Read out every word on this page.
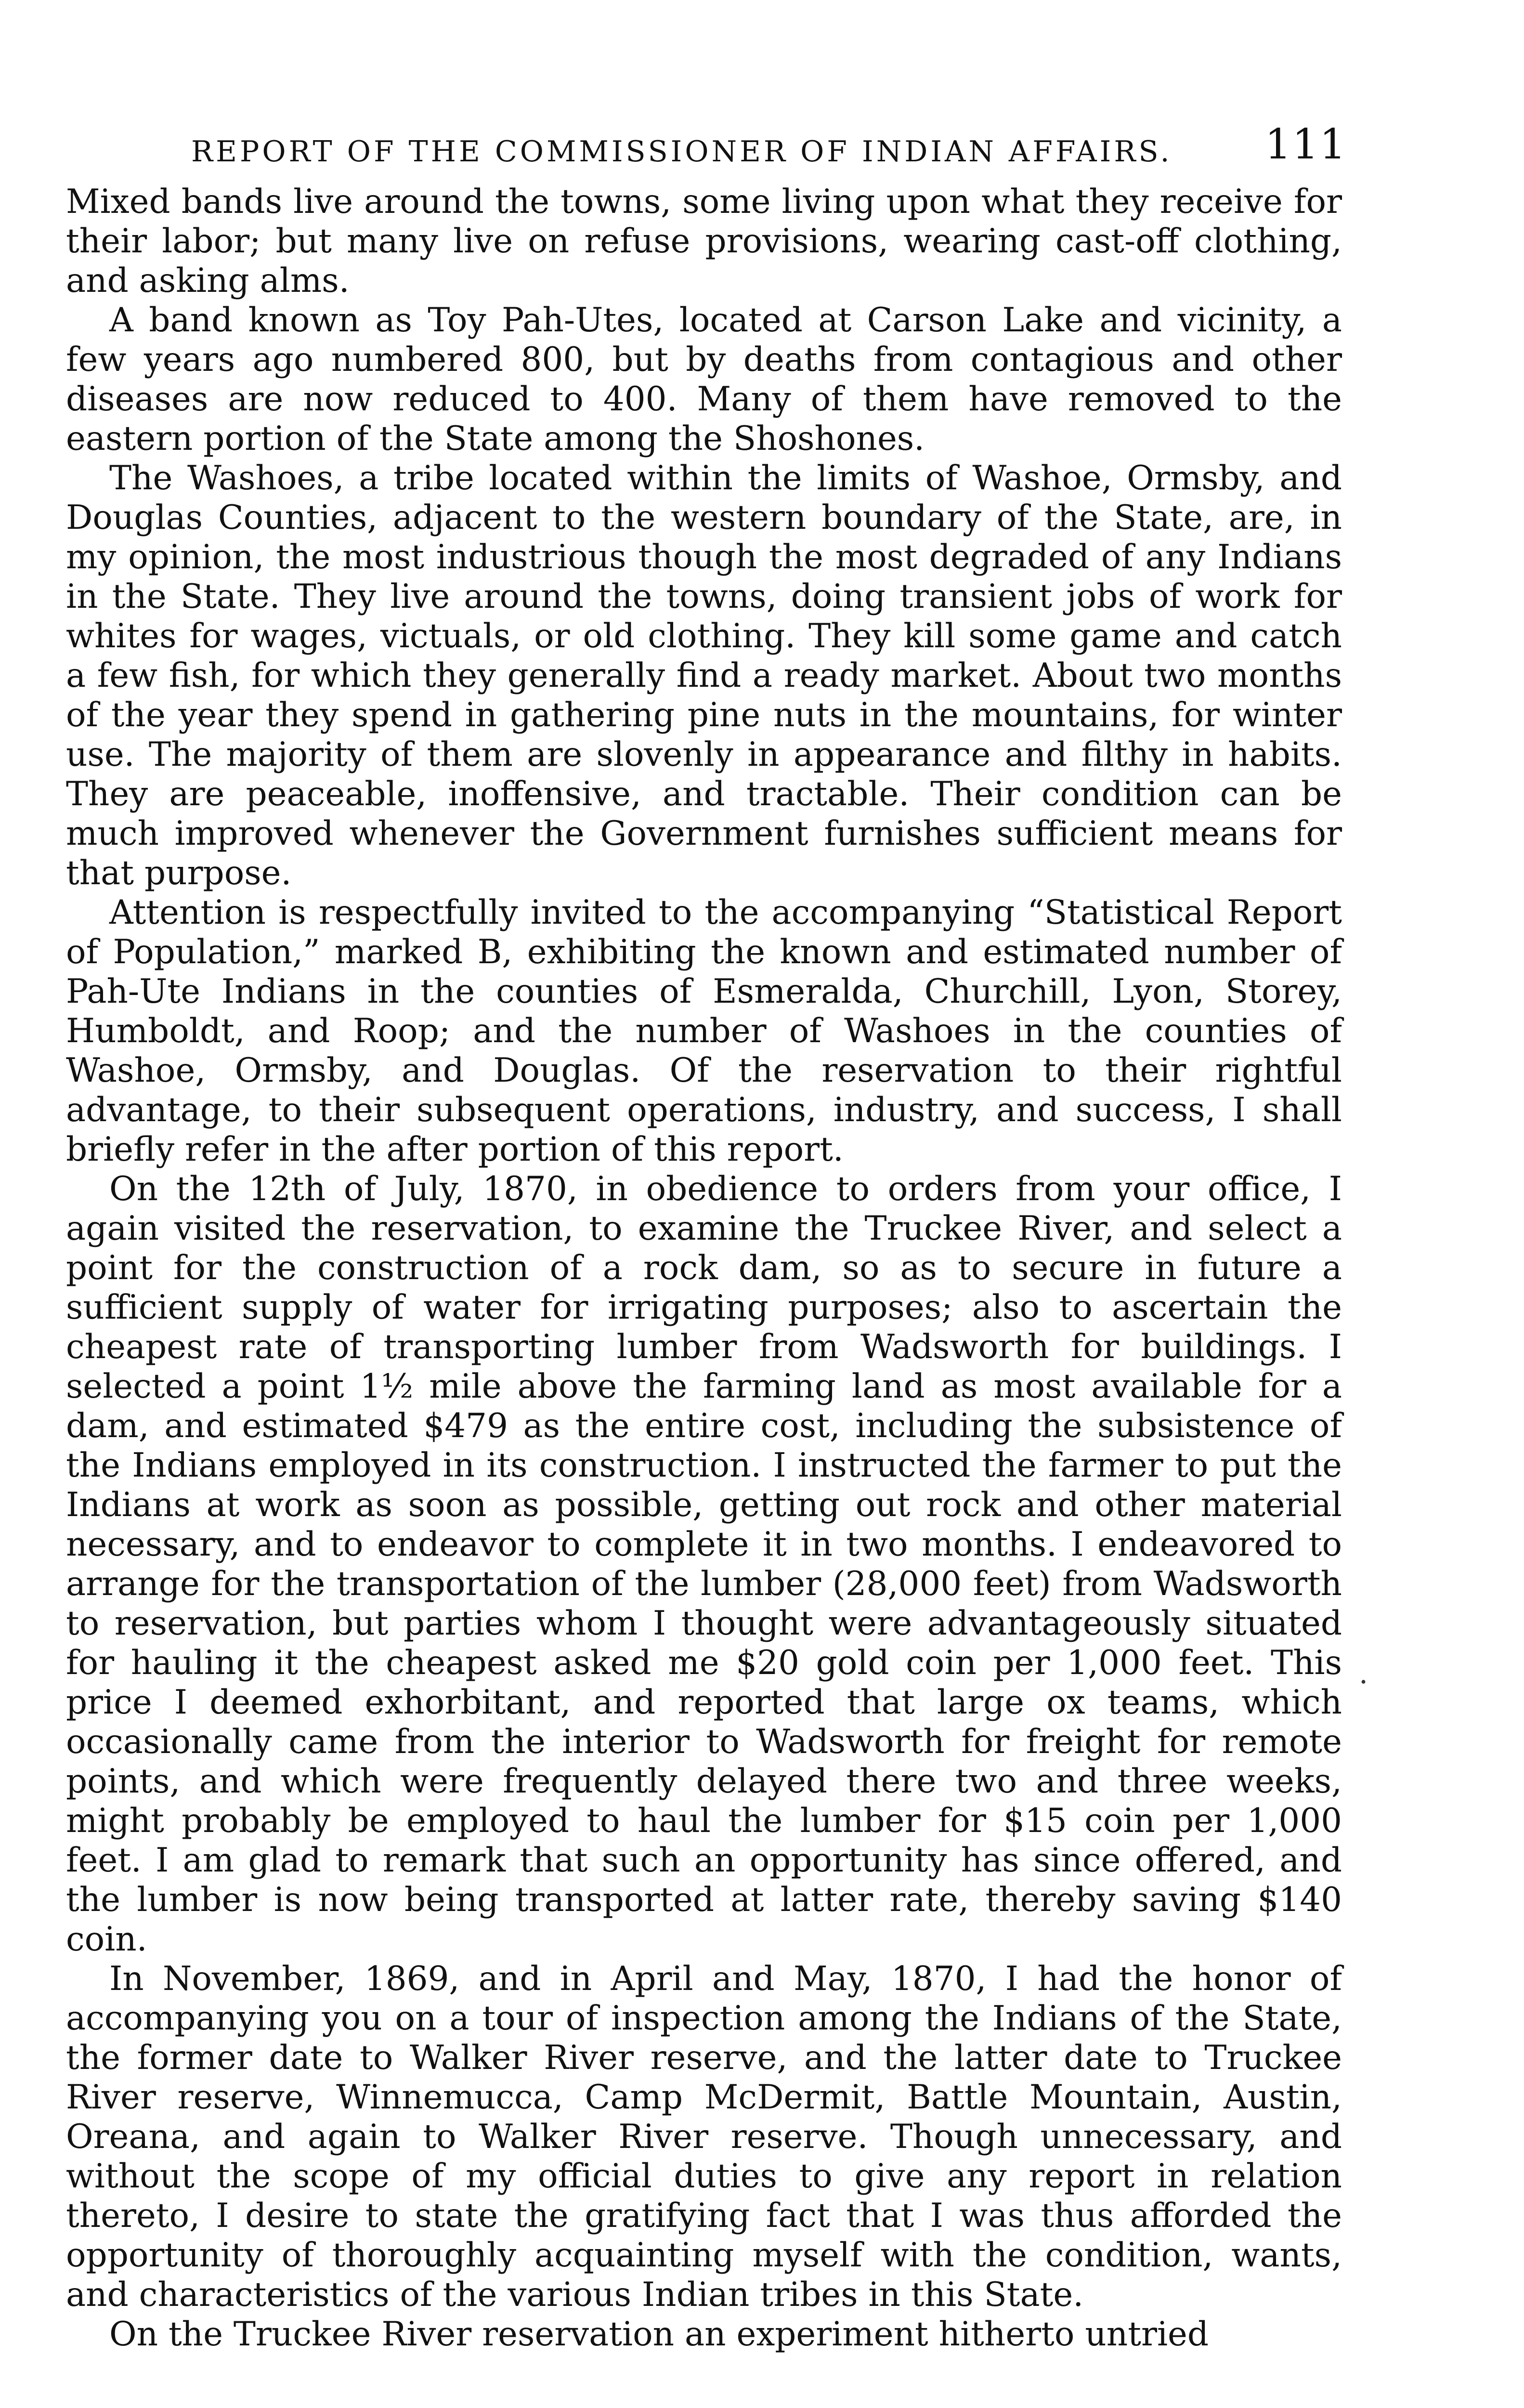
REPORT OF THE COMMISSIONER OF INDIAN AFFAIRS. 111

Mixed bands live around the towns, some living upon what they receive for their labor; but many live on refuse provisions, wearing cast-off clothing, and asking alms.

A band known as Toy Pah-Utes, located at Carson Lake and vicinity, a few years ago numbered 800, but by deaths from contagious and other diseases are now reduced to 400. Many of them have removed to the eastern portion of the State among the Shoshones.

The Washoes, a tribe located within the limits of Washoe, Ormsby, and Douglas Counties, adjacent to the western boundary of the State, are, in my opinion, the most industrious though the most degraded of any Indians in the State. They live around the towns, doing transient jobs of work for whites for wages, victuals, or old clothing. They kill some game and catch a few fish, for which they generally find a ready market. About two months of the year they spend in gathering pine nuts in the mountains, for winter use. The majority of them are slovenly in appearance and filthy in habits. They are peaceable, inoffensive, and tractable. Their condition can be much improved whenever the Government furnishes sufficient means for that purpose.

Attention is respectfully invited to the accompanying “Statistical Report of Population,” marked B, exhibiting the known and estimated number of Pah-Ute Indians in the counties of Esmeralda, Churchill, Lyon, Storey, Humboldt, and Roop; and the number of Washoes in the counties of Washoe, Ormsby, and Douglas. Of the reservation to their rightful advantage, to their subsequent operations, industry, and success, I shall briefly refer in the after portion of this report.

On the 12th of July, 1870, in obedience to orders from your office, I again visited the reservation, to examine the Truckee River, and select a point for the construction of a rock dam, so as to secure in future a sufficient supply of water for irrigating purposes; also to ascertain the cheapest rate of transporting lumber from Wadsworth for buildings. I selected a point 1½ mile above the farming land as most available for a dam, and estimated $479 as the entire cost, including the subsistence of the Indians employed in its construction. I instructed the farmer to put the Indians at work as soon as possible, getting out rock and other material necessary, and to endeavor to complete it in two months. I endeavored to arrange for the transportation of the lumber (28,000 feet) from Wadsworth to reservation, but parties whom I thought were advantageously situated for hauling it the cheapest asked me $20 gold coin per 1,000 feet. This price I deemed exhorbitant, and reported that large ox teams, which occasionally came from the interior to Wadsworth for freight for remote points, and which were frequently delayed there two and three weeks, might probably be employed to haul the lumber for $15 coin per 1,000 feet. I am glad to remark that such an opportunity has since offered, and the lumber is now being transported at latter rate, thereby saving $140 coin.

In November, 1869, and in April and May, 1870, I had the honor of accompanying you on a tour of inspection among the Indians of the State, the former date to Walker River reserve, and the latter date to Truckee River reserve, Winnemucca, Camp McDermit, Battle Mountain, Austin, Oreana, and again to Walker River reserve. Though unnecessary, and without the scope of my official duties to give any report in relation thereto, I desire to state the gratifying fact that I was thus afforded the opportunity of thoroughly acquainting myself with the condition, wants, and characteristics of the various Indian tribes in this State.

On the Truckee River reservation an experiment hitherto untried

.
